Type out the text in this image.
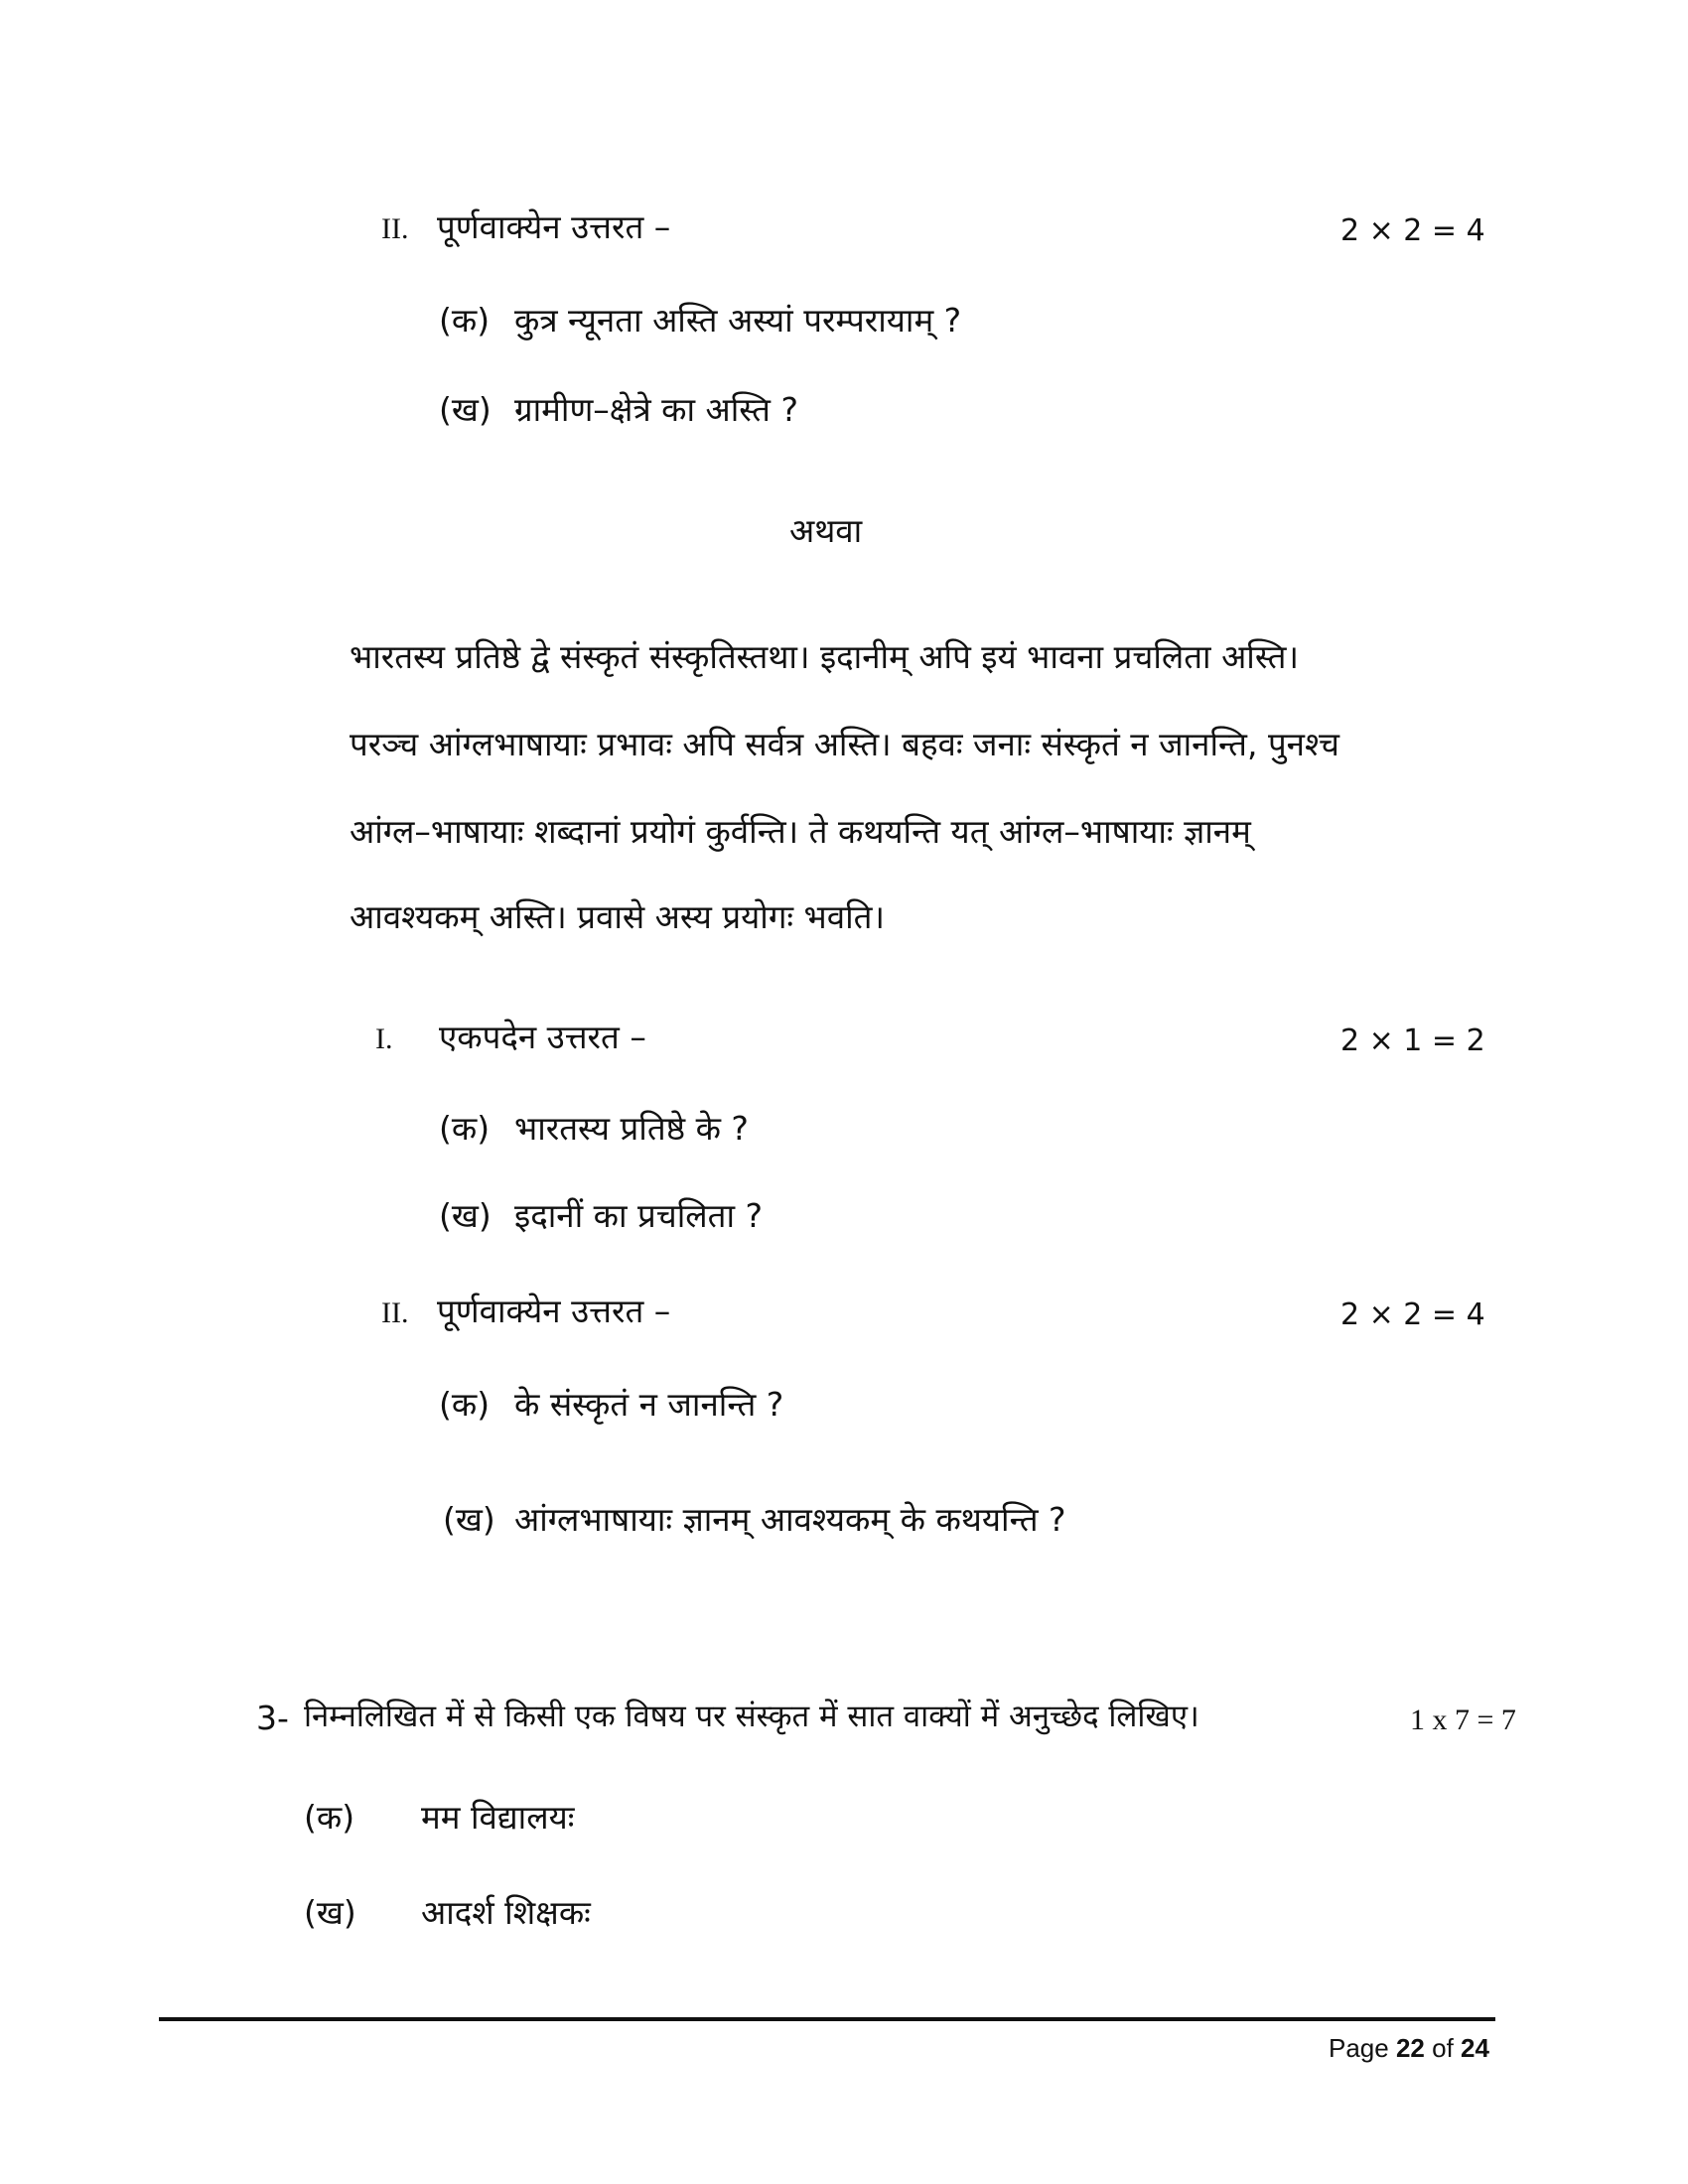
II. पूर्णवाक्येन उत्तरत –	2 × 2 = 4
(क) कुत्र न्यूनता अस्ति अस्यां परम्परायाम् ?
(ख) ग्रामीण–क्षेत्रे का अस्ति ?
अथवा
भारतस्य प्रतिष्ठे द्वे संस्कृतं संस्कृतिस्तथा। इदानीम् अपि इयं भावना प्रचलिता अस्ति।
परञ्च आंग्लभाषायाः प्रभावः अपि सर्वत्र अस्ति। बहवः जनाः संस्कृतं न जानन्ति, पुनश्च
आंग्ल–भाषायाः शब्दानां प्रयोगं कुर्वन्ति। ते कथयन्ति यत् आंग्ल–भाषायाः ज्ञानम्
आवश्यकम् अस्ति। प्रवासे अस्य प्रयोगः भवति।
I. एकपदेन उत्तरत –	2 × 1 = 2
(क) भारतस्य प्रतिष्ठे के ?
(ख) इदानीं का प्रचलिता ?
II. पूर्णवाक्येन उत्तरत –	2 × 2 = 4
(क) के संस्कृतं न जानन्ति ?
(ख) आंग्लभाषायाः ज्ञानम् आवश्यकम् के कथयन्ति ?
3- निम्नलिखित में से किसी एक विषय पर संस्कृत में सात वाक्यों में अनुच्छेद लिखिए।	1 x 7 = 7
(क) मम विद्यालयः
(ख) आदर्श शिक्षकः
Page 22 of 24
